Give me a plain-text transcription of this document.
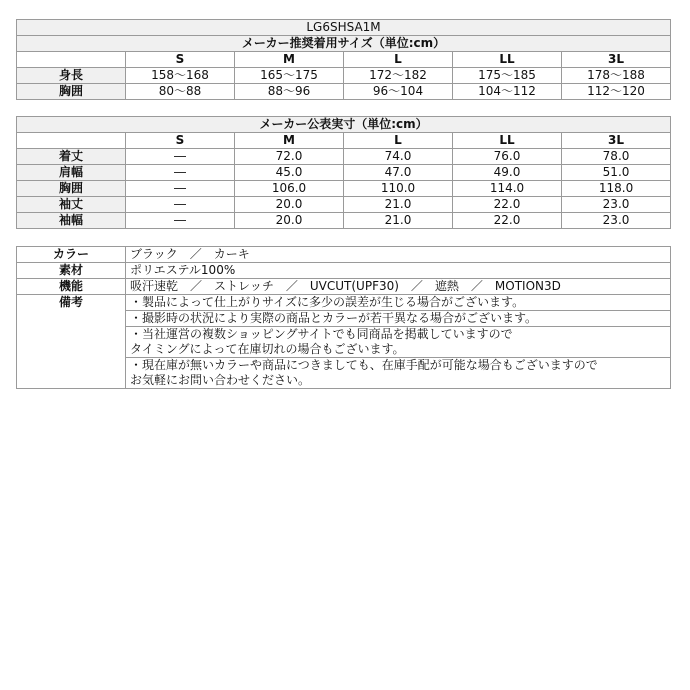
LG6SHSA1M					
メーカー推奨着用サイズ（単位:cm）					
	S	M	L	LL	3L
身長	158～168	165～175	172～182	175～185	178～188
胸囲	80～88	88～96	96～104	104～112	112～120
メーカー公表実寸（単位:cm）					
	S	M	L	LL	3L
着丈	―	72.0	74.0	76.0	78.0
肩幅	―	45.0	47.0	49.0	51.0
胸囲	―	106.0	110.0	114.0	118.0
袖丈	―	20.0	21.0	22.0	23.0
袖幅	―	20.0	21.0	22.0	23.0
カラー	ブラック　／　カーキ
素材	ポリエステル100%
機能	吸汗速乾　／　ストレッチ　／　UVCUT(UPF30)　／　遮熱　／　MOTION3D
備考	・製品によって仕上がりサイズに多少の誤差が生じる場合がございます。
	・撮影時の状況により実際の商品とカラーが若干異なる場合がございます。
	・当社運営の複数ショッピングサイトでも同商品を掲載していますので
タイミングによって在庫切れの場合もございます。
	・現在庫が無いカラーや商品につきましても、在庫手配が可能な場合もございますので
お気軽にお問い合わせください。
